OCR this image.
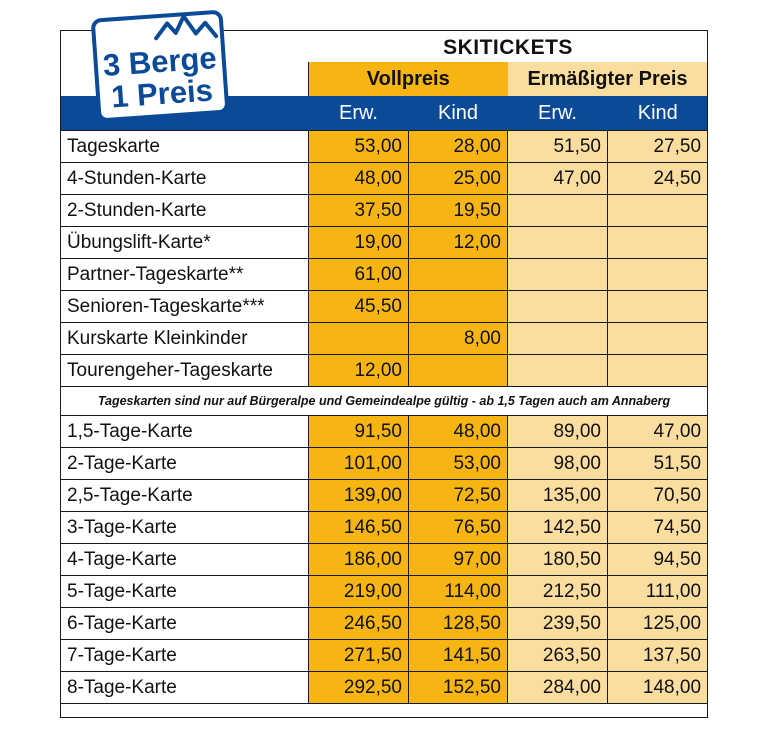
3 Berge
1 Preis
	SKITICKETS			
	Vollpreis		Ermäßigter Preis	
	Erw.	Kind	Erw.	Kind
Tageskarte	53,00	28,00	51,50	27,50
4-Stunden-Karte	48,00	25,00	47,00	24,50
2-Stunden-Karte	37,50	19,50		
Übungslift-Karte*	19,00	12,00		
Partner-Tageskarte**	61,00			
Senioren-Tageskarte***	45,50			
Kurskarte Kleinkinder		8,00		
Tourengeher-Tageskarte	12,00			
Tageskarten sind nur auf Bürgeralpe und Gemeindealpe gültig - ab 1,5 Tagen auch am Annaberg				
1,5-Tage-Karte	91,50	48,00	89,00	47,00
2-Tage-Karte	101,00	53,00	98,00	51,50
2,5-Tage-Karte	139,00	72,50	135,00	70,50
3-Tage-Karte	146,50	76,50	142,50	74,50
4-Tage-Karte	186,00	97,00	180,50	94,50
5-Tage-Karte	219,00	114,00	212,50	111,00
6-Tage-Karte	246,50	128,50	239,50	125,00
7-Tage-Karte	271,50	141,50	263,50	137,50
8-Tage-Karte	292,50	152,50	284,00	148,00
